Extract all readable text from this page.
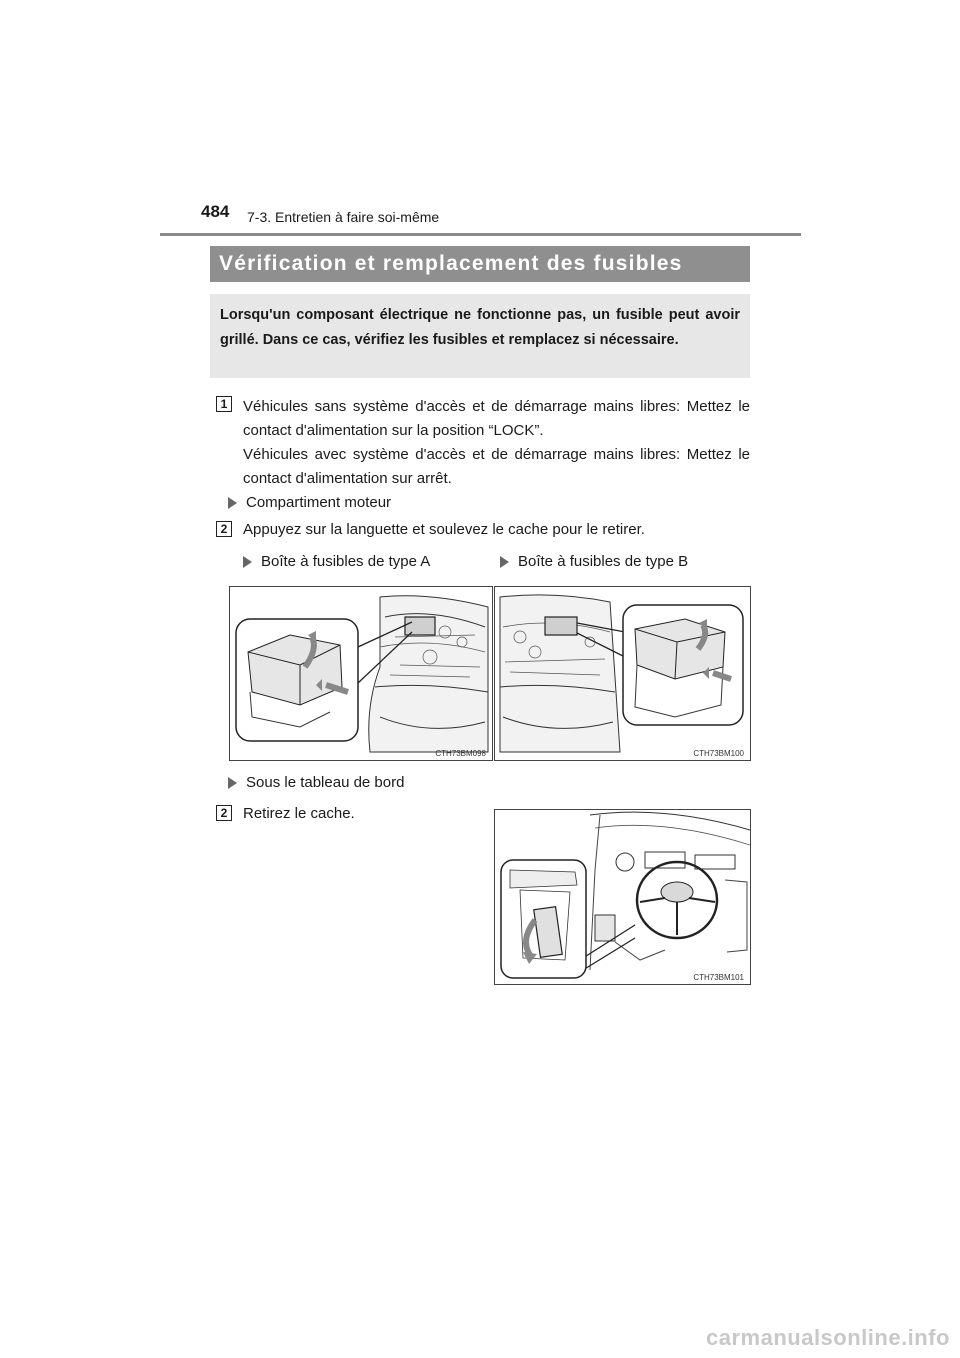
484 7-3. Entretien à faire soi-même
Vérification et remplacement des fusibles
Lorsqu'un composant électrique ne fonctionne pas, un fusible peut avoir grillé. Dans ce cas, vérifiez les fusibles et remplacez si nécessaire.
1	Véhicules sans système d'accès et de démarrage mains libres: Mettez le contact d'alimentation sur la position “LOCK”.
Véhicules avec système d'accès et de démarrage mains libres: Mettez le contact d'alimentation sur arrêt.
Compartiment moteur
2	Appuyez sur la languette et soulevez le cache pour le retirer.
Boîte à fusibles de type A	Boîte à fusibles de type B
CTH73BM098	CTH73BM100
Sous le tableau de bord
2	Retirez le cache.
CTH73BM101
carmanualsonline.info
